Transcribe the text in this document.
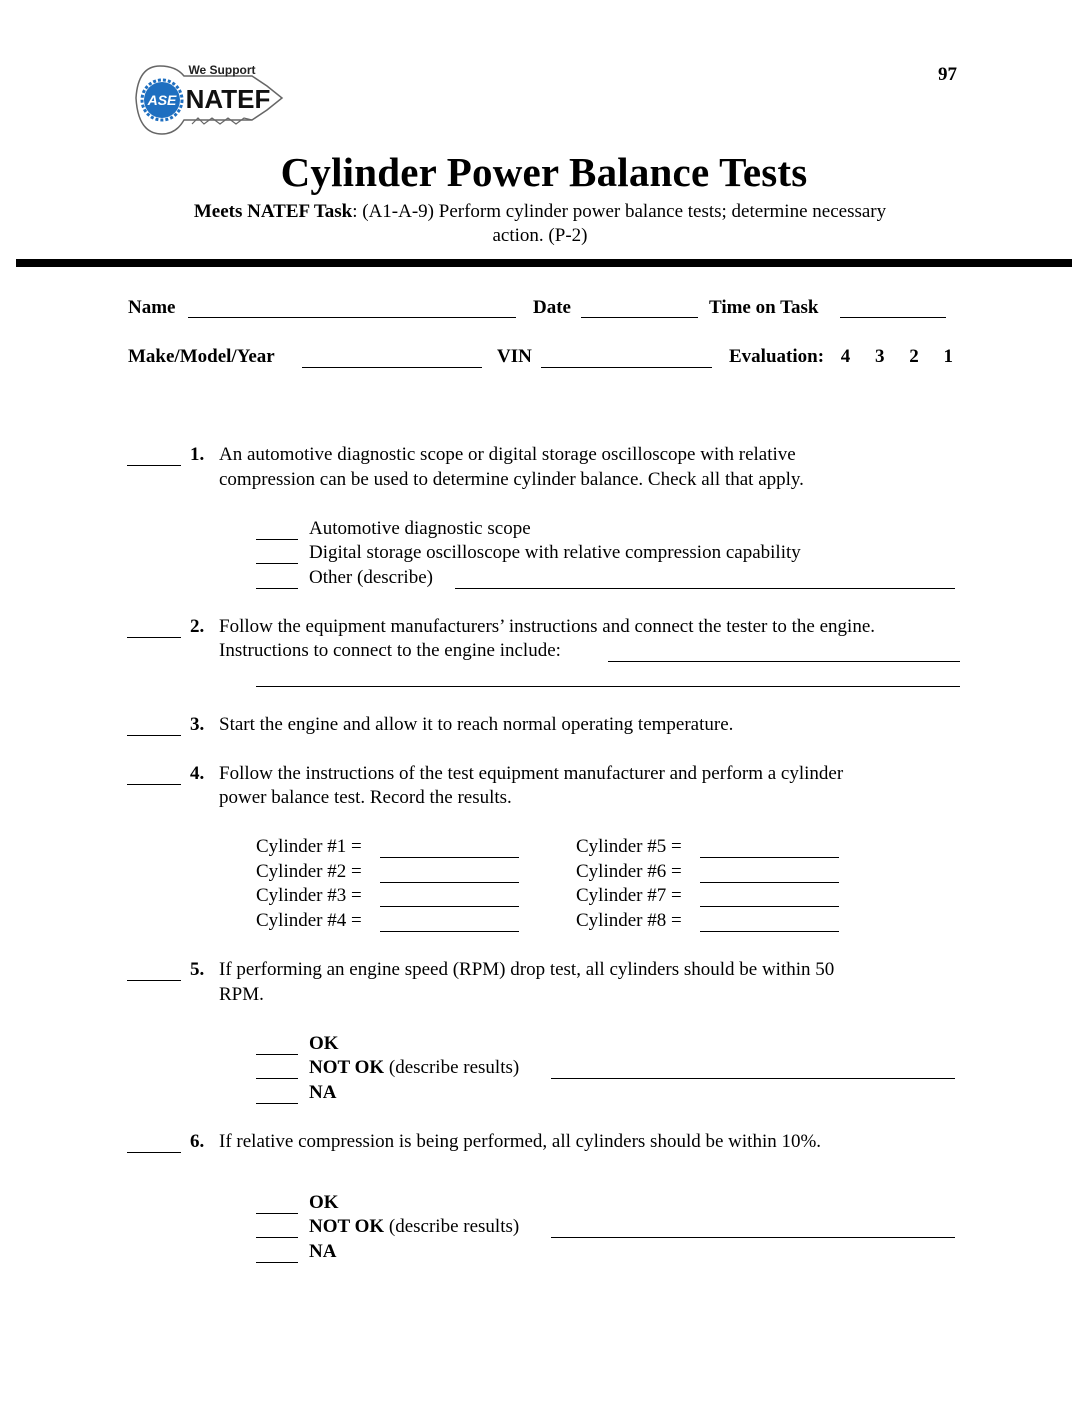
97
ASE
We Support
NATEF
Cylinder Power Balance Tests
Meets NATEF Task: (A1-A-9) Perform cylinder power balance tests; determine necessary
action. (P-2)
Name	Date	Time on Task
Make/Model/Year	VIN	Evaluation: 4 3 2 1
1. An automotive diagnostic scope or digital storage oscilloscope with relative
compression can be used to determine cylinder balance. Check all that apply.
Automotive diagnostic scope
Digital storage oscilloscope with relative compression capability
Other (describe)
2. Follow the equipment manufacturers’ instructions and connect the tester to the engine.
Instructions to connect to the engine include:
3. Start the engine and allow it to reach normal operating temperature.
4. Follow the instructions of the test equipment manufacturer and perform a cylinder
power balance test. Record the results.
Cylinder #1 =
Cylinder #2 =
Cylinder #3 =
Cylinder #4 =
Cylinder #5 =
Cylinder #6 =
Cylinder #7 =
Cylinder #8 =
5. If performing an engine speed (RPM) drop test, all cylinders should be within 50
RPM.
OK
NOT OK (describe results)
NA
6. If relative compression is being performed, all cylinders should be within 10%.
OK
NOT OK (describe results)
NA
